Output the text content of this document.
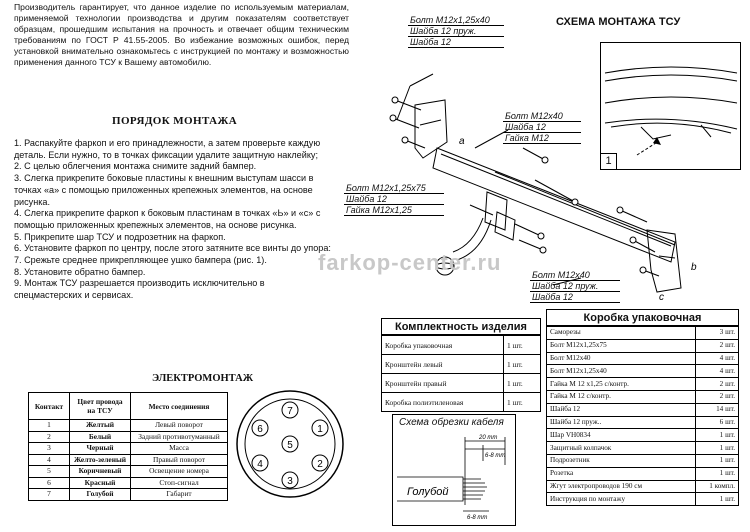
Производитель гарантирует, что данное изделие по используемым материалам, применяемой технологии производства и другим показателям соответствует образцам, прошедшим испытания на прочность и отвечает общим техническим требованиям по ГОСТ Р 41.55-2005. Во избежание возможных ошибок, перед установкой внимательно ознакомьтесь с инструкцией по монтажу и возможностью применения данного ТСУ к Вашему автомобилю.
ПОРЯДОК МОНТАЖА
1. Распакуйте фаркоп и его принадлежности, а затем проверьте каждую деталь. Если нужно, то в точках фиксации удалите защитную наклейку;
2. С целью облегчения монтажа снимите задний бампер.
3. Слегка прикрепите боковые пластины к внешним выступам шасси в точках «а» с помощью приложенных крепежных элементов, на основе рисунка.
4. Слегка прикрепите фаркоп к боковым пластинам в точках «Ь» и «с» с помощью приложенных крепежных элементов, на основе рисунка.
5. Прикрепите шар ТСУ и подрозетник на фаркоп.
6. Установите фаркоп по центру, после этого затяните все винты до упора:
7. Срежьте среднее прикрепляющее ушко бампера (рис. 1).
8. Установите обратно бампер.
9. Монтаж ТСУ разрешается производить исключительно в спецмастерских и сервисах.
ЭЛЕКТРОМОНТАЖ
Контакт	Цвет провода на ТСУ	Место соединения
1	Желтый	Левый поворот
2	Белый	Задний противотуманный
3	Черный	Масса
4	Желто-зеленый	Правый поворот
5	Коричневый	Освещение номера
6	Красный	Стоп-сигнал
7	Голубой	Габарит
7
1
2
3
4
5
6
СХЕМА МОНТАЖА ТСУ
Болт М12х1,25х40
Шайба 12 пруж.
Шайба 12
Болт М12х40
Шайба 12
Гайка М12
Болт М12х1,25х75
Шайба 12
Гайка М12х1,25
Болт М12х40
Шайба 12 пруж.
Шайба 12
a
b
c
1
farkop-center.ru
Комплектность изделия
Коробка упаковочная	1 шт.
Кронштейн левый	1 шт.
Кронштейн правый	1 шт.
Коробка полиэтиленовая	1 шт.
Схема обрезки кабеля
20 mm
6-8 mm
6-8 mm
Голубой
Коробка упаковочная
Саморезы	3 шт.
Болт М12х1,25х75	2 шт.
Болт М12х40	4 шт.
Болт М12х1,25х40	4 шт.
Гайка М 12 х1,25 с/контр.	2 шт.
Гайка М 12 с/контр.	2 шт.
Шайба 12	14 шт.
Шайба 12 пруж..	6 шт.
Шар VH0834	1 шт.
Защитный колпачок	1 шт.
Подрозетник	1 шт.
Розетка	1 шт.
Жгут электропроводов 190 см	1 компл.
Инструкция по монтажу	1 шт.
